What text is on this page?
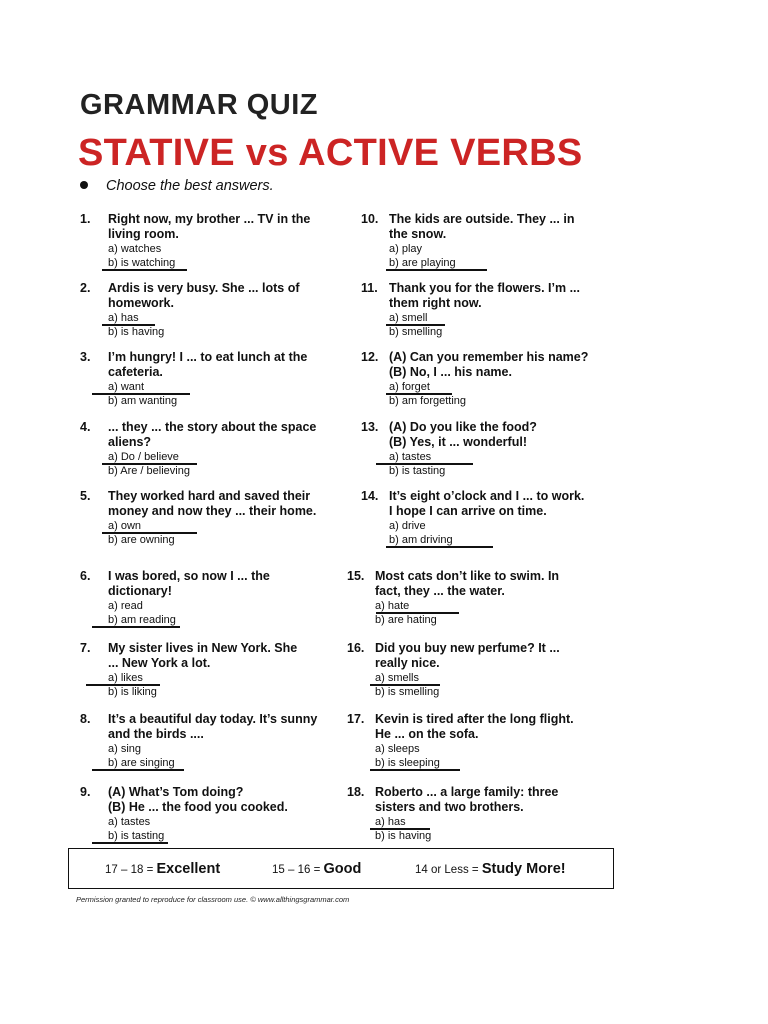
GRAMMAR QUIZ
STATIVE vs ACTIVE VERBS
Choose the best answers.
1. Right now, my brother ... TV in the
living room.
a) watches
b) is watching
2. Ardis is very busy. She ... lots of
homework.
a) has
b) is having
3. I’m hungry! I ... to eat lunch at the
cafeteria.
a) want
b) am wanting
4. ... they ... the story about the space
aliens?
a) Do / believe
b) Are / believing
5. They worked hard and saved their
money and now they ... their home.
a) own
b) are owning
6. I was bored, so now I ... the
dictionary!
a) read
b) am reading
7. My sister lives in New York. She
... New York a lot.
a) likes
b) is liking
8. It’s a beautiful day today. It’s sunny
and the birds ....
a) sing
b) are singing
9. (A) What’s Tom doing?
(B) He ... the food you cooked.
a) tastes
b) is tasting
10. The kids are outside. They ... in
the snow.
a) play
b) are playing
11. Thank you for the flowers. I’m ...
them right now.
a) smell
b) smelling
12. (A) Can you remember his name?
(B) No, I ... his name.
a) forget
b) am forgetting
13. (A) Do you like the food?
(B) Yes, it ... wonderful!
a) tastes
b) is tasting
14. It’s eight o’clock and I ... to work.
I hope I can arrive on time.
a) drive
b) am driving
15. Most cats don’t like to swim. In
fact, they ... the water.
a) hate
b) are hating
16. Did you buy new perfume? It ...
really nice.
a) smells
b) is smelling
17. Kevin is tired after the long flight.
He ... on the sofa.
a) sleeps
b) is sleeping
18. Roberto ... a large family: three
sisters and two brothers.
a) has
b) is having
17 – 18 = Excellent	15 – 16 = Good	14 or Less = Study More!
Permission granted to reproduce for classroom use. © www.allthingsgrammar.com
